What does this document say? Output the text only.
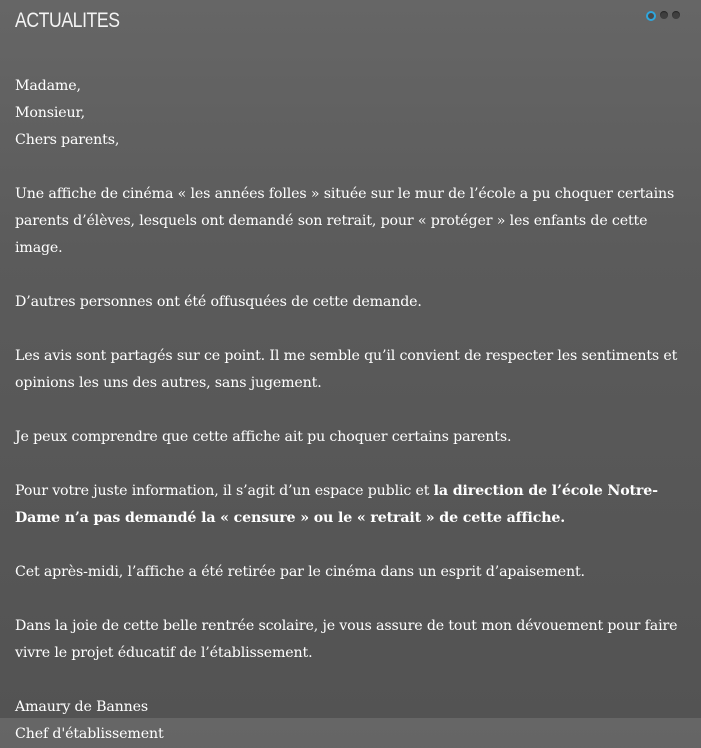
ACTUALITES

Madame,
Monsieur,
Chers parents,

Une affiche de cinéma « les années folles » située sur le mur de l’école a pu choquer certains parents d’élèves, lesquels ont demandé son retrait, pour « protéger » les enfants de cette image.

D’autres personnes ont été offusquées de cette demande.

Les avis sont partagés sur ce point. Il me semble qu’il convient de respecter les sentiments et opinions les uns des autres, sans jugement.

Je peux comprendre que cette affiche ait pu choquer certains parents.

Pour votre juste information, il s’agit d’un espace public et la direction de l’école Notre-Dame n’a pas demandé la « censure » ou le « retrait » de cette affiche.

Cet après-midi, l’affiche a été retirée par le cinéma dans un esprit d’apaisement.

Dans la joie de cette belle rentrée scolaire, je vous assure de tout mon dévouement pour faire vivre le projet éducatif de l’établissement.

Amaury de Bannes
Chef d'établissement
